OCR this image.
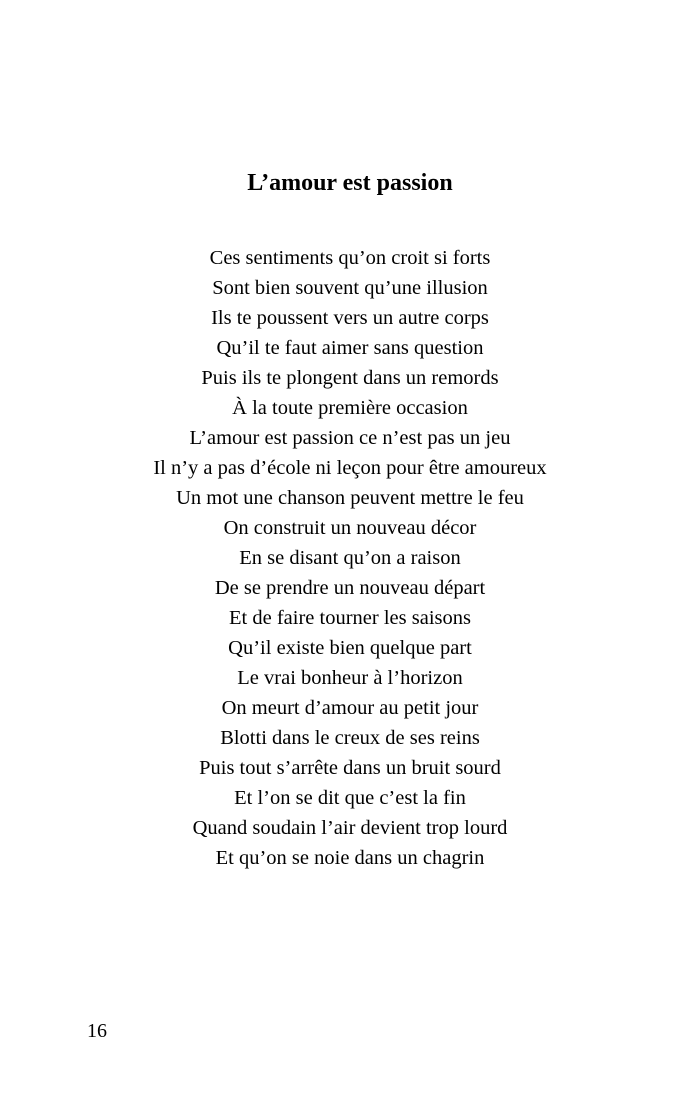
L’amour est passion
Ces sentiments qu’on croit si forts
Sont bien souvent qu’une illusion
Ils te poussent vers un autre corps
Qu’il te faut aimer sans question
Puis ils te plongent dans un remords
À la toute première occasion
L’amour est passion ce n’est pas un jeu
Il n’y a pas d’école ni leçon pour être amoureux
Un mot une chanson peuvent mettre le feu
On construit un nouveau décor
En se disant qu’on a raison
De se prendre un nouveau départ
Et de faire tourner les saisons
Qu’il existe bien quelque part
Le vrai bonheur à l’horizon
On meurt d’amour au petit jour
Blotti dans le creux de ses reins
Puis tout s’arrête dans un bruit sourd
Et l’on se dit que c’est la fin
Quand soudain l’air devient trop lourd
Et qu’on se noie dans un chagrin
16
